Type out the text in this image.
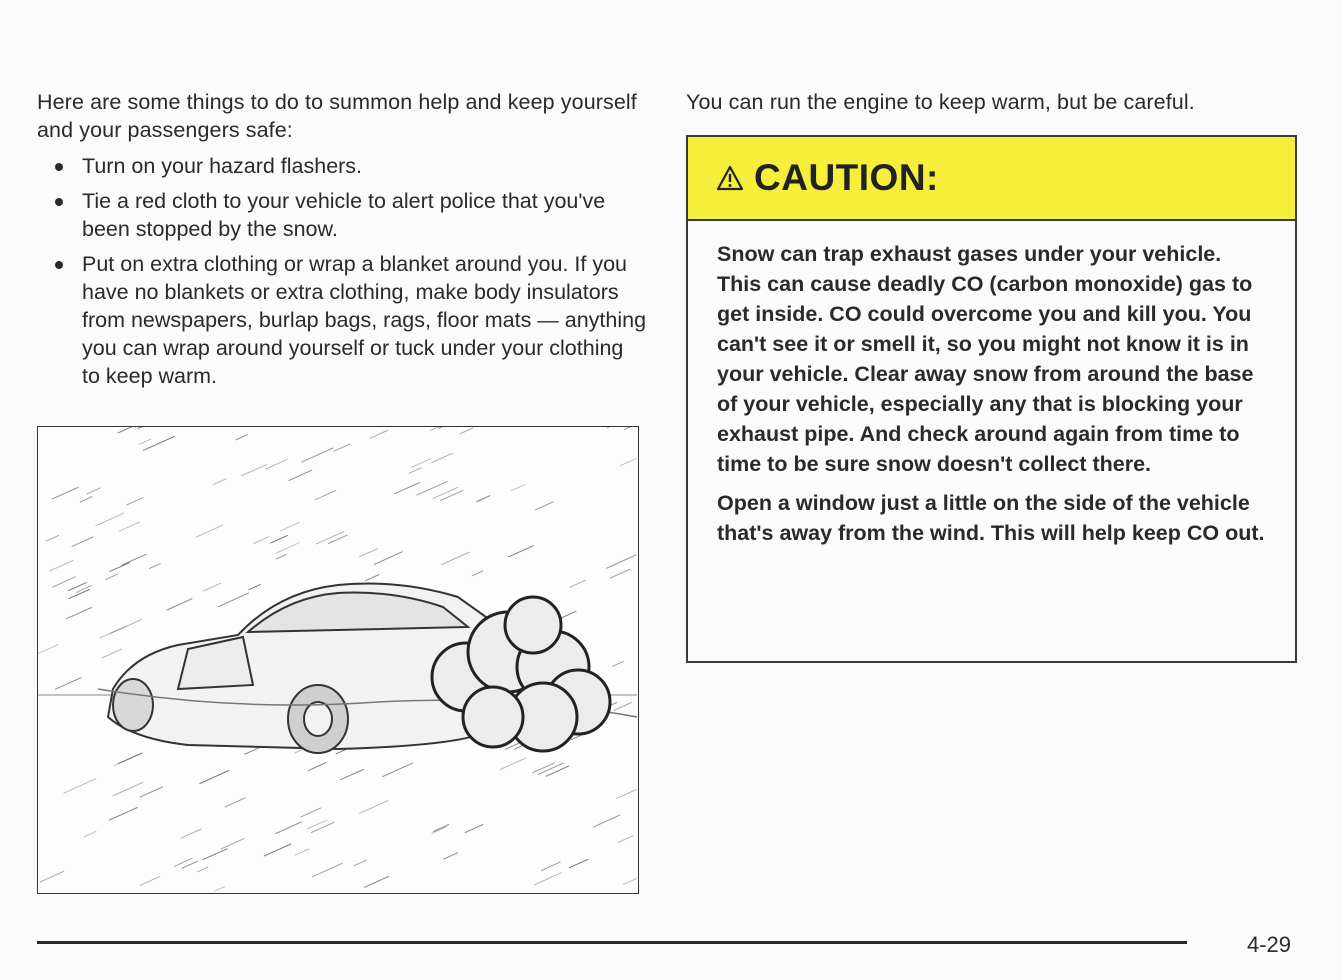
Here are some things to do to summon help and keep yourself and your passengers safe:

Turn on your hazard flashers.
Tie a red cloth to your vehicle to alert police that you've been stopped by the snow.
Put on extra clothing or wrap a blanket around you. If you have no blankets or extra clothing, make body insulators from newspapers, burlap bags, rags, floor mats — anything you can wrap around yourself or tuck under your clothing to keep warm.

You can run the engine to keep warm, but be careful.

CAUTION:

Snow can trap exhaust gases under your vehicle. This can cause deadly CO (carbon monoxide) gas to get inside. CO could overcome you and kill you. You can't see it or smell it, so you might not know it is in your vehicle. Clear away snow from around the base of your vehicle, especially any that is blocking your exhaust pipe. And check around again from time to time to be sure snow doesn't collect there.

Open a window just a little on the side of the vehicle that's away from the wind. This will help keep CO out.

4-29
